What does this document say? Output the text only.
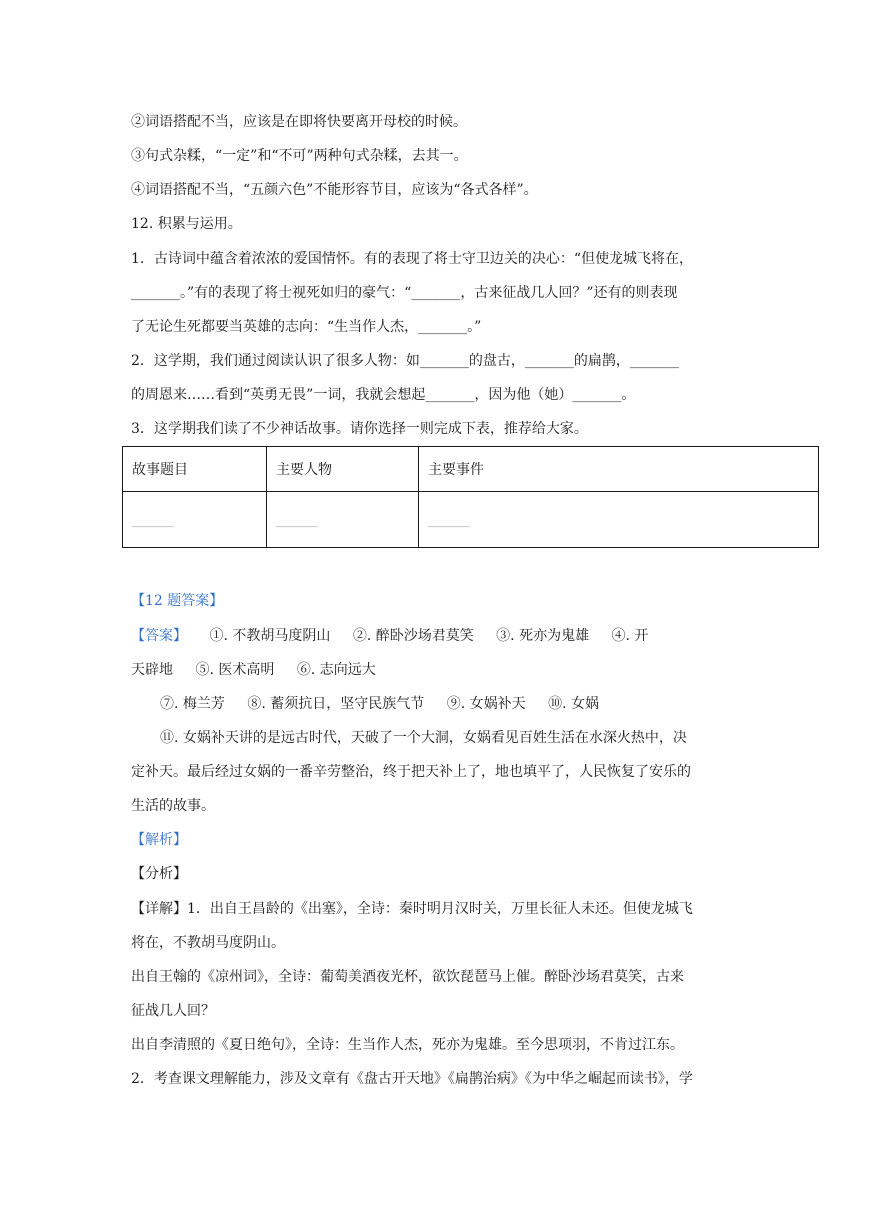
②词语搭配不当，应该是在即将快要离开母校的时候。
③句式杂糅，“一定”和“不可”两种句式杂糅，去其一。
④词语搭配不当，“五颜六色”不能形容节目，应该为“各式各样”。
12. 积累与运用。
1．古诗词中蕴含着浓浓的爱国情怀。有的表现了将士守卫边关的决心：“但使龙城飞将在，
_______。”有的表现了将士视死如归的豪气：“_______，古来征战几人回？”还有的则表现
了无论生死都要当英雄的志向：“生当作人杰，_______。”
2．这学期，我们通过阅读认识了很多人物：如_______的盘古，_______的扁鹊，_______
的周恩来……看到“英勇无畏”一词，我就会想起_______，因为他（她）_______。
3．这学期我们读了不少神话故事。请你选择一则完成下表，推荐给大家。
故事题目	主要人物	主要事件
______	______	______
【12 题答案】
【答案】 ①. 不教胡马度阴山 ②. 醉卧沙场君莫笑 ③. 死亦为鬼雄 ④. 开
天辟地 ⑤. 医术高明 ⑥. 志向远大
⑦. 梅兰芳 ⑧. 蓄须抗日，坚守民族气节 ⑨. 女娲补天 ⑩. 女娲
⑪. 女娲补天讲的是远古时代，天破了一个大洞，女娲看见百姓生活在水深火热中，决
定补天。最后经过女娲的一番辛劳整治，终于把天补上了，地也填平了，人民恢复了安乐的
生活的故事。
【解析】
【分析】
【详解】1．出自王昌龄的《出塞》，全诗：秦时明月汉时关，万里长征人未还。但使龙城飞
将在，不教胡马度阴山。
出自王翰的《凉州词》，全诗：葡萄美酒夜光杯，欲饮琵琶马上催。醉卧沙场君莫笑，古来
征战几人回？
出自李清照的《夏日绝句》，全诗：生当作人杰，死亦为鬼雄。至今思项羽，不肯过江东。
2．考查课文理解能力，涉及文章有《盘古开天地》《扁鹊治病》《为中华之崛起而读书》，学
